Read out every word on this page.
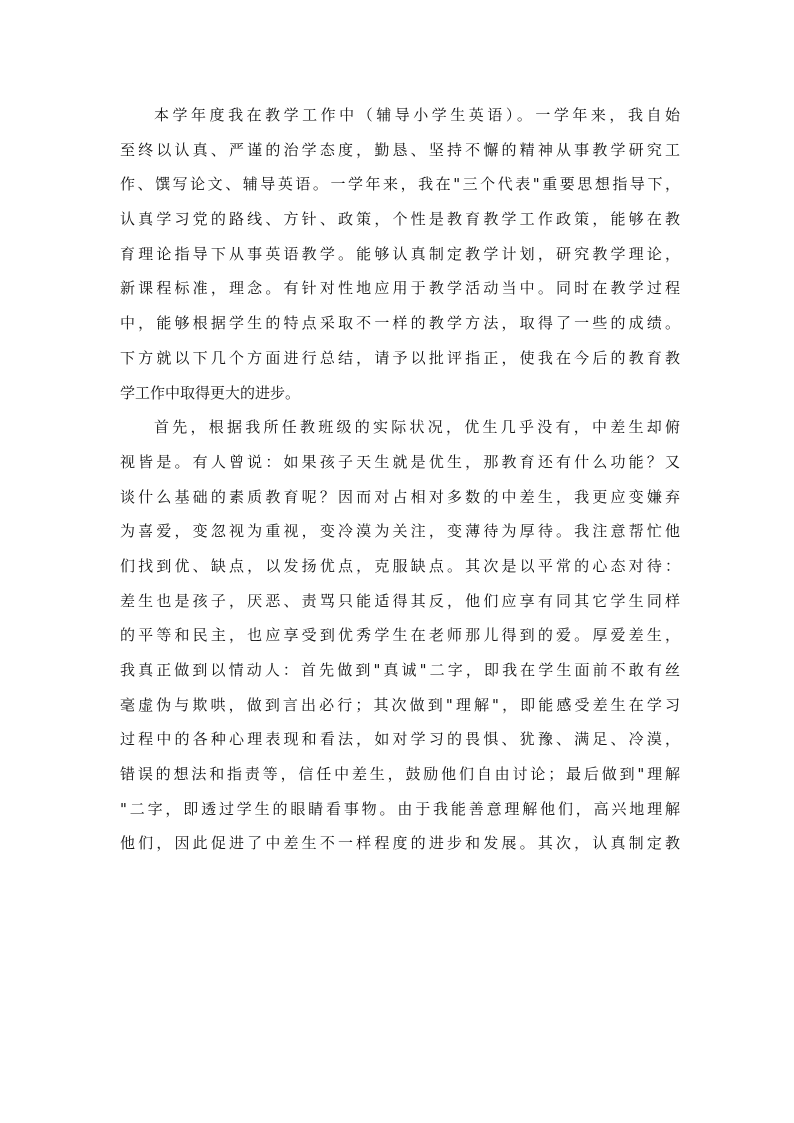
本学年度我在教学工作中（辅导小学生英语）。一学年来，我自始
至终以认真、严谨的治学态度，勤恳、坚持不懈的精神从事教学研究工
作、馔写论文、辅导英语。一学年来，我在"三个代表"重要思想指导下，
认真学习党的路线、方针、政策，个性是教育教学工作政策，能够在教
育理论指导下从事英语教学。能够认真制定教学计划，研究教学理论，
新课程标准，理念。有针对性地应用于教学活动当中。同时在教学过程
中，能够根据学生的特点采取不一样的教学方法，取得了一些的成绩。
下方就以下几个方面进行总结，请予以批评指正，使我在今后的教育教
学工作中取得更大的进步。
首先，根据我所任教班级的实际状况，优生几乎没有，中差生却俯
视皆是。有人曾说：如果孩子天生就是优生，那教育还有什么功能？又
谈什么基础的素质教育呢？因而对占相对多数的中差生，我更应变嫌弃
为喜爱，变忽视为重视，变冷漠为关注，变薄待为厚待。我注意帮忙他
们找到优、缺点，以发扬优点，克服缺点。其次是以平常的心态对待：
差生也是孩子，厌恶、责骂只能适得其反，他们应享有同其它学生同样
的平等和民主，也应享受到优秀学生在老师那儿得到的爱。厚爱差生，
我真正做到以情动人：首先做到"真诚"二字，即我在学生面前不敢有丝
毫虚伪与欺哄，做到言出必行；其次做到"理解"，即能感受差生在学习
过程中的各种心理表现和看法，如对学习的畏惧、犹豫、满足、冷漠，
错误的想法和指责等，信任中差生，鼓励他们自由讨论；最后做到"理解
"二字，即透过学生的眼睛看事物。由于我能善意理解他们，高兴地理解
他们，因此促进了中差生不一样程度的进步和发展。其次，认真制定教
